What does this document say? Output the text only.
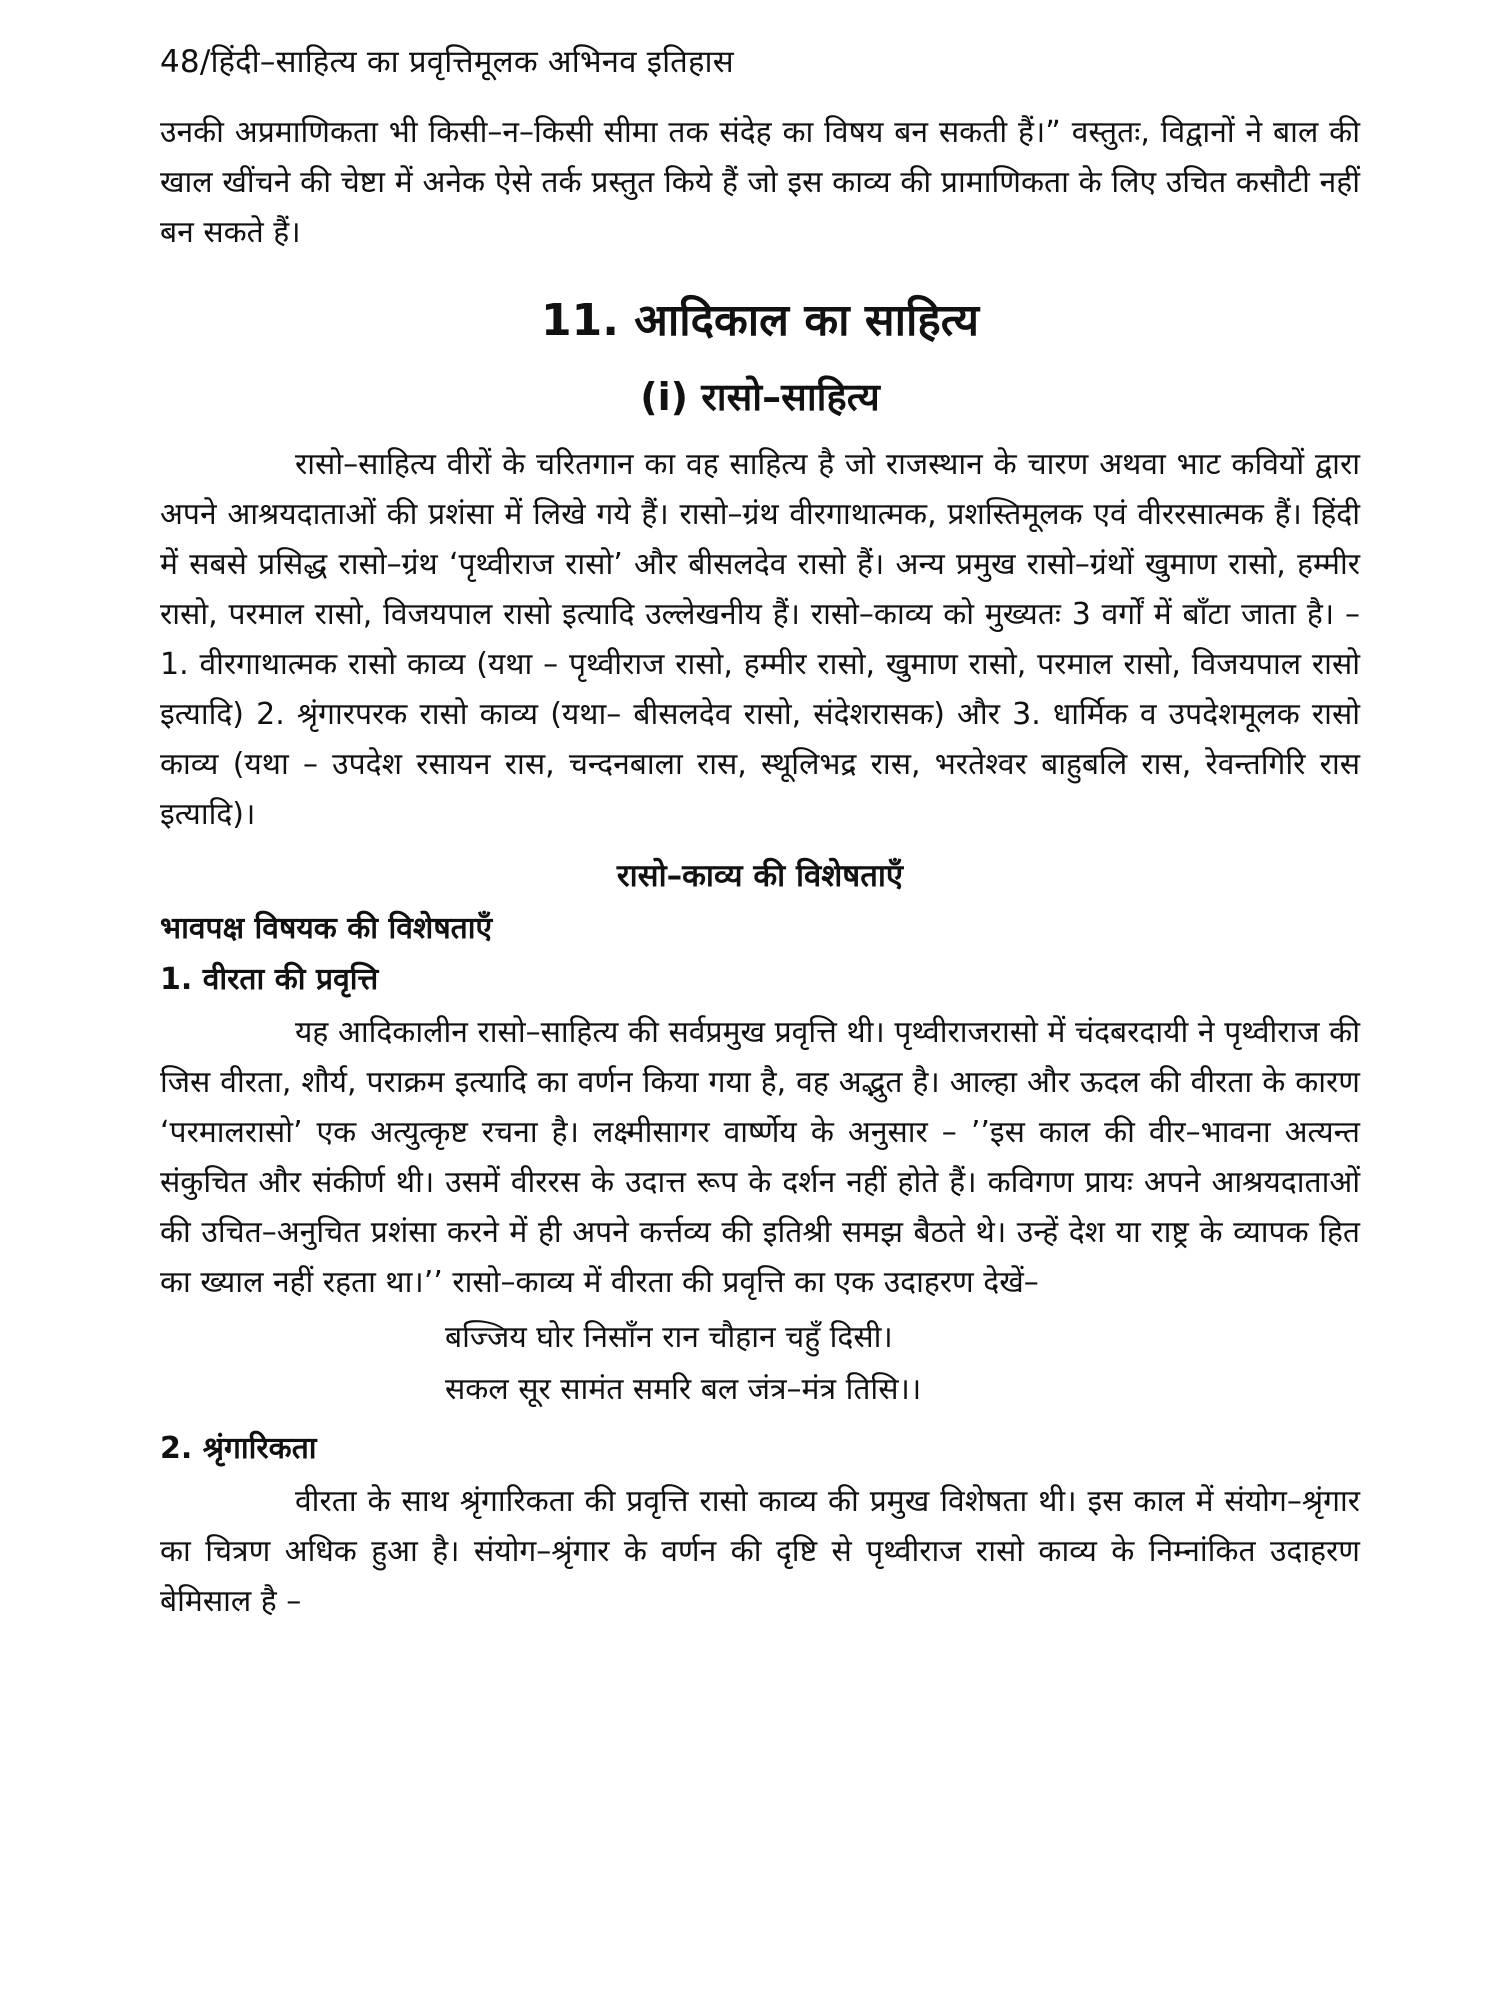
48/हिंदी–साहित्य का प्रवृत्तिमूलक अभिनव इतिहास

उनकी अप्रमाणिकता भी किसी–न–किसी सीमा तक संदेह का विषय बन सकती हैं।” वस्तुतः, विद्वानों ने बाल की खाल खींचने की चेष्टा में अनेक ऐसे तर्क प्रस्तुत किये हैं जो इस काव्य की प्रामाणिकता के लिए उचित कसौटी नहीं बन सकते हैं।

11. आदिकाल का साहित्य
(i) रासो–साहित्य

रासो–साहित्य वीरों के चरितगान का वह साहित्य है जो राजस्थान के चारण अथवा भाट कवियों द्वारा अपने आश्रयदाताओं की प्रशंसा में लिखे गये हैं। रासो–ग्रंथ वीरगाथात्मक, प्रशस्तिमूलक एवं वीररसात्मक हैं। हिंदी में सबसे प्रसिद्ध रासो–ग्रंथ ‘पृथ्वीराज रासो’ और बीसलदेव रासो हैं। अन्य प्रमुख रासो–ग्रंथों खुमाण रासो, हम्मीर रासो, परमाल रासो, विजयपाल रासो इत्यादि उल्लेखनीय हैं। रासो–काव्य को मुख्यतः 3 वर्गों में बाँटा जाता है। – 1. वीरगाथात्मक रासो काव्य (यथा – पृथ्वीराज रासो, हम्मीर रासो, खुमाण रासो, परमाल रासो, विजयपाल रासो इत्यादि) 2. श्रृंगारपरक रासो काव्य (यथा– बीसलदेव रासो, संदेशरासक) और 3. धार्मिक व उपदेशमूलक रासो काव्य (यथा – उपदेश रसायन रास, चन्दनबाला रास, स्थूलिभद्र रास, भरतेश्वर बाहुबलि रास, रेवन्तगिरि रास इत्यादि)।

रासो–काव्य की विशेषताएँ
भावपक्ष विषयक की विशेषताएँ
1. वीरता की प्रवृत्ति

यह आदिकालीन रासो–साहित्य की सर्वप्रमुख प्रवृत्ति थी। पृथ्वीराजरासो में चंदबरदायी ने पृथ्वीराज की जिस वीरता, शौर्य, पराक्रम इत्यादि का वर्णन किया गया है, वह अद्भुत है। आल्हा और ऊदल की वीरता के कारण ‘परमालरासो’ एक अत्युत्कृष्ट रचना है। लक्ष्मीसागर वार्ष्णेय के अनुसार – ’’इस काल की वीर–भावना अत्यन्त संकुचित और संकीर्ण थी। उसमें वीररस के उदात्त रूप के दर्शन नहीं होते हैं। कविगण प्रायः अपने आश्रयदाताओं की उचित–अनुचित प्रशंसा करने में ही अपने कर्त्तव्य की इतिश्री समझ बैठते थे। उन्हें देश या राष्ट्र के व्यापक हित का ख्याल नहीं रहता था।’’ रासो–काव्य में वीरता की प्रवृत्ति का एक उदाहरण देखें–

बज्जिय घोर निसाँन रान चौहान चहुँ दिसी।

सकल सूर सामंत समरि बल जंत्र–मंत्र तिसि।।

2. श्रृंगारिकता

वीरता के साथ श्रृंगारिकता की प्रवृत्ति रासो काव्य की प्रमुख विशेषता थी। इस काल में संयोग–श्रृंगार का चित्रण अधिक हुआ है। संयोग–श्रृंगार के वर्णन की दृष्टि से पृथ्वीराज रासो काव्य के निम्नांकित उदाहरण बेमिसाल है –
